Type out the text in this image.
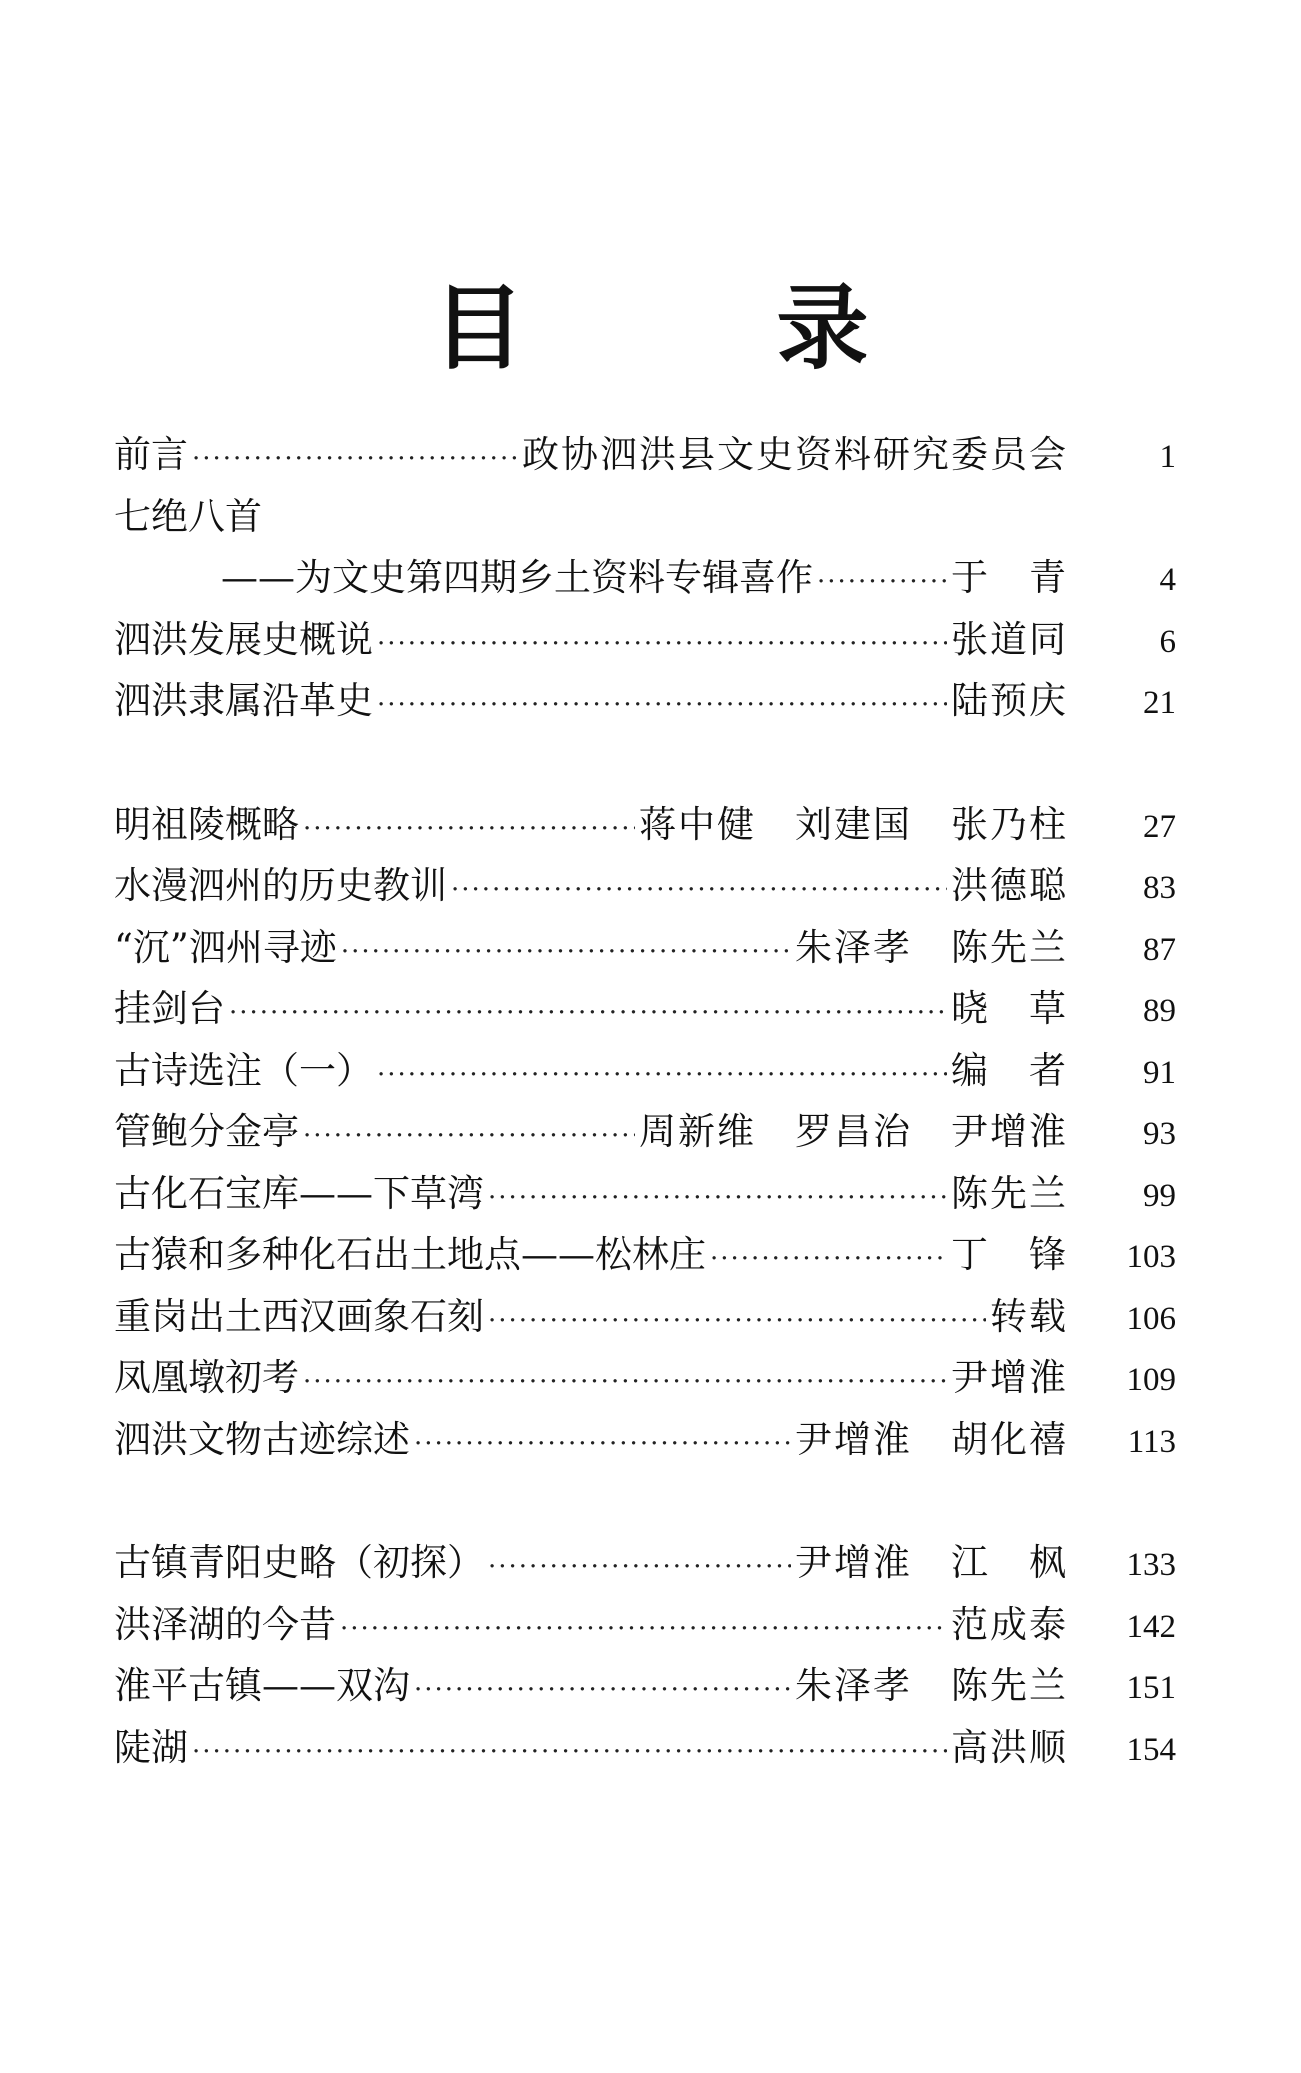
目 录
前言 ·····	政协泗洪县文史资料研究委员会	1
七绝八首
——为文史第四期乡土资料专辑喜作 ·····	于　青	4
泗洪发展史概说 ·····	张道同	6
泗洪隶属沿革史 ·····	陆预庆	21
明祖陵概略 ·····	蒋中健　刘建国　张乃柱	27
水漫泗州的历史教训 ·····	洪德聪	83
“沉”泗州寻迹 ·····	朱泽孝　陈先兰	87
挂剑台 ·····	晓　草	89
古诗选注（一） ·····	编　者	91
管鲍分金亭 ·····	周新维　罗昌治　尹增淮	93
古化石宝库——下草湾 ·····	陈先兰	99
古猿和多种化石出土地点——松林庄 ·····	丁　锋	103
重岗出土西汉画象石刻 ·····	转载	106
凤凰墩初考 ·····	尹增淮	109
泗洪文物古迹综述 ·····	尹增淮　胡化禧	113
古镇青阳史略（初探） ·····	尹增淮　江　枫	133
洪泽湖的今昔 ·····	范成泰	142
淮平古镇——双沟 ·····	朱泽孝　陈先兰	151
陡湖 ·····	高洪顺	154
